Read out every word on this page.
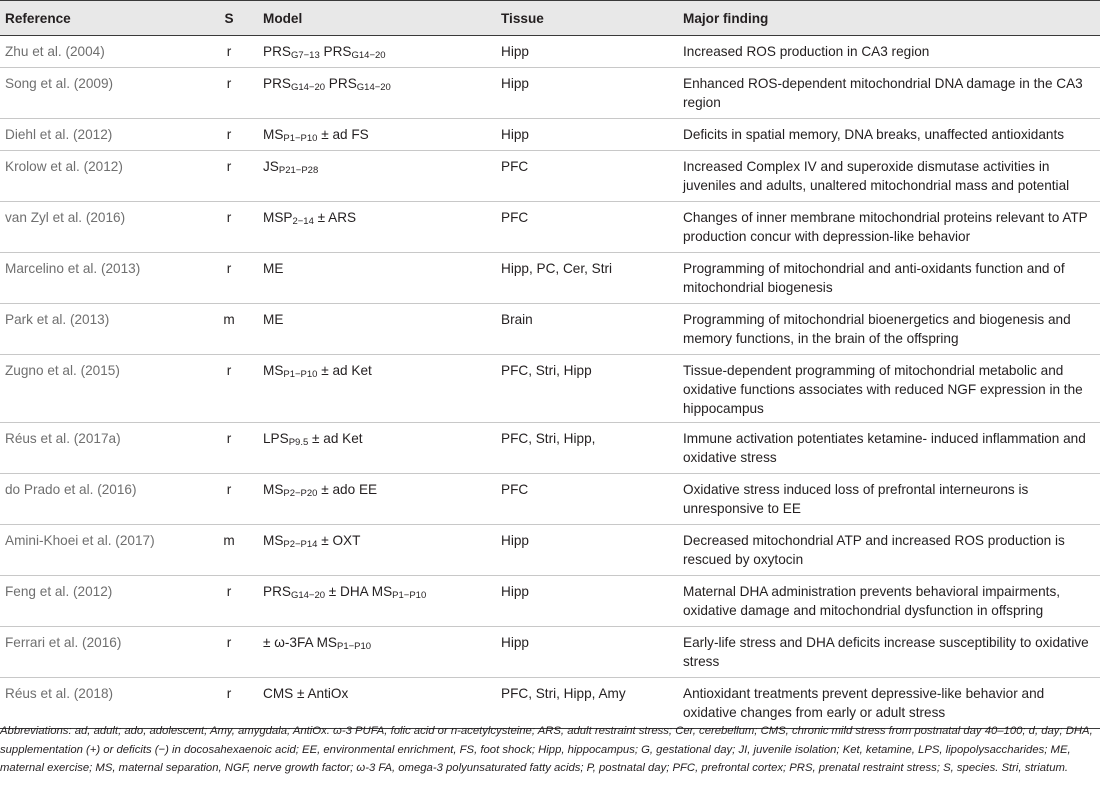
Reference	S	Model	Tissue	Major finding
Zhu et al. (2004)	r	$PRS_{G7-13}$ $PRS_{G14-20}$	Hipp	Increased ROS production in CA3 region
Song et al. (2009)	r	$PRS_{G14-20}$ $PRS_{G14-20}$	Hipp	Enhanced ROS-dependent mitochondrial DNA damage in the CA3 region
Diehl et al. (2012)	r	$MS_{P1-P10}$ ± ad FS	Hipp	Deficits in spatial memory, DNA breaks, unaffected antioxidants
Krolow et al. (2012)	r	$JS_{P21-P28}$	PFC	Increased Complex IV and superoxide dismutase activities in juveniles and adults, unaltered mitochondrial mass and potential
van Zyl et al. (2016)	r	$MSP_{2-14}$ ± ARS	PFC	Changes of inner membrane mitochondrial proteins relevant to ATP production concur with depression-like behavior
Marcelino et al. (2013)	r	ME	Hipp, PC, Cer, Stri	Programming of mitochondrial and anti-oxidants function and of mitochondrial biogenesis
Park et al. (2013)	m	ME	Brain	Programming of mitochondrial bioenergetics and biogenesis and memory functions, in the brain of the offspring
Zugno et al. (2015)	r	$MS_{P1-P10}$ ± ad Ket	PFC, Stri, Hipp	Tissue-dependent programming of mitochondrial metabolic and oxidative functions associates with reduced NGF expression in the hippocampus
Réus et al. (2017a)	r	$LPS_{P9.5}$ ± ad Ket	PFC, Stri, Hipp,	Immune activation potentiates ketamine- induced inflammation and oxidative stress
do Prado et al. (2016)	r	$MS_{P2-P20}$ ± ado EE	PFC	Oxidative stress induced loss of prefrontal interneurons is unresponsive to EE
Amini-Khoei et al. (2017)	m	$MS_{P2-P14}$ ± OXT	Hipp	Decreased mitochondrial ATP and increased ROS production is rescued by oxytocin
Feng et al. (2012)	r	$PRS_{G14-20}$ ± DHA $MS_{P1-P10}$	Hipp	Maternal DHA administration prevents behavioral impairments, oxidative damage and mitochondrial dysfunction in offspring
Ferrari et al. (2016)	r	± ω-3FA $MS_{P1-P10}$	Hipp	Early-life stress and DHA deficits increase susceptibility to oxidative stress
Réus et al. (2018)	r	CMS ± AntiOx	PFC, Stri, Hipp, Amy	Antioxidant treatments prevent depressive-like behavior and oxidative changes from early or adult stress
Abbreviations: ad, adult; ado, adolescent; Amy, amygdala; AntiOx. ω-3 PUFA, folic acid or n-acetylcysteine; ARS, adult restraint stress; Cer, cerebellum; CMS, chronic mild stress from postnatal day 40–100; d, day; DHA, supplementation (+) or deficits (−) in docosahexaenoic acid; EE, environmental enrichment, FS, foot shock; Hipp, hippocampus; G, gestational day; JI, juvenile isolation; Ket, ketamine, LPS, lipopolysaccharides; ME, maternal exercise; MS, maternal separation, NGF, nerve growth factor; ω-3 FA, omega-3 polyunsaturated fatty acids; P, postnatal day; PFC, prefrontal cortex; PRS, prenatal restraint stress; S, species. Stri, striatum.
